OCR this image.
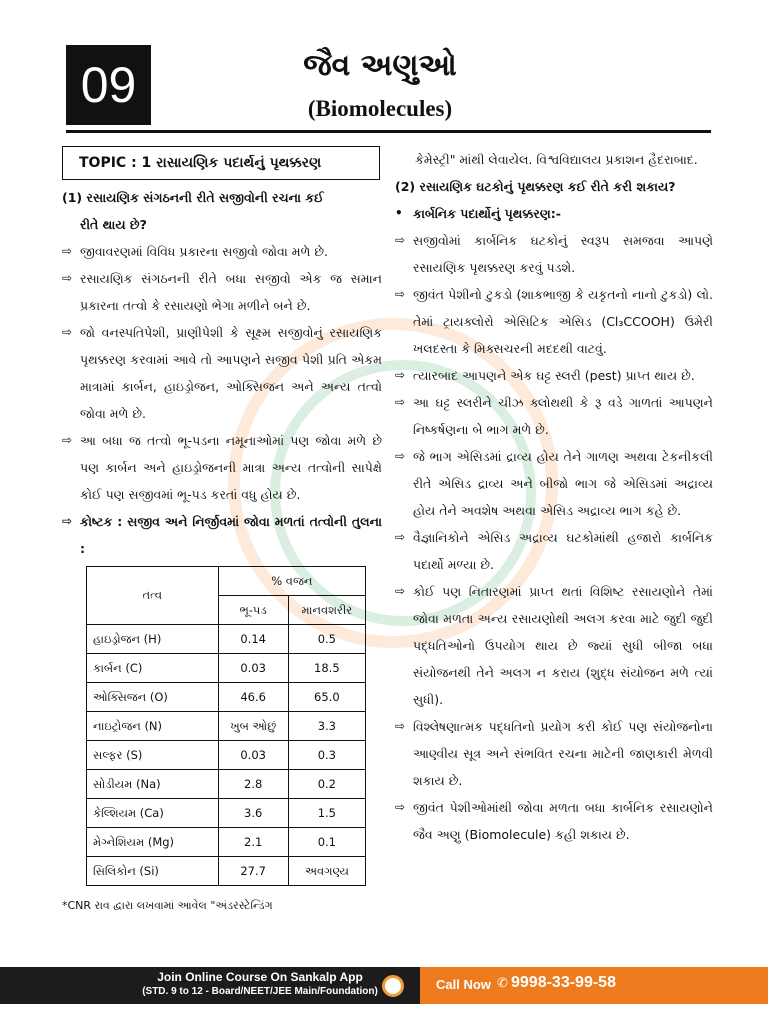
09	જૈવ અણુઓ
(Biomolecules)
TOPIC : 1 રાસાયણિક પદાર્થનું પૃથક્કરણ
(1) રસાયણિક સંગઠનની રીતે સજીવોની રચના કઈ
રીતે થાય છે?
⇨ જીવાવરણમાં વિવિધ પ્રકારના સજીવો જોવા મળે છે.
⇨ રસાયણિક સંગઠનની રીતે બધા સજીવો એક જ સમાન પ્રકારના તત્વો કે રસાયણો ભેગા મળીને બને છે.
⇨ જો વનસ્પતિપેશી, પ્રાણીપેશી કે સૂક્ષ્મ સજીવોનું રસાયણિક પૃથક્કરણ કરવામાં આવે તો આપણને સજીવ પેશી પ્રતિ એકમ માત્રામાં કાર્બન, હાઇડ્રોજન, ઓક્સિજન અને અન્ય તત્વો જોવા મળે છે.
⇨ આ બધા જ તત્વો ભૂ-પડના નમૂનાઓમાં પણ જોવા મળે છે પણ કાર્બન અને હાઇડ્રોજનની માત્રા અન્ય તત્વોની સાપેક્ષે કોઈ પણ સજીવમાં ભૂ-પડ કરતાં વધુ હોય છે.
⇨ કોષ્ટક : સજીવ અને નિર્જીવમાં જોવા મળતાં તત્વોની તુલના :
તત્વ	% વજન	
	ભૂ-પડ	માનવશરીર
હાઇડ્રોજન (H)	0.14	0.5
કાર્બન (C)	0.03	18.5
ઓક્સિજન (O)	46.6	65.0
નાઇટ્રોજન (N)	ખુબ ઓછું	3.3
સલ્ફર (S)	0.03	0.3
સોડીયમ (Na)	2.8	0.2
કેલ્શિયમ (Ca)	3.6	1.5
મેગ્નેશિયમ (Mg)	2.1	0.1
સિલિકોન (Si)	27.7	અવગણ્ય
*CNR રાવ દ્વારા લખવામાં આવેલ "અંડરસ્ટેન્ડિંગ
કેમેસ્ટ્રી" માંથી લેવાયેલ. વિશ્વવિદ્યાલય પ્રકાશન હૈદરાબાદ.
(2) રસાયણિક ઘટકોનું પૃથક્કરણ કઈ રીતે કરી શકાય?
• કાર્બનિક પદાર્થોનું પૃથક્કરણ:-
⇨ સજીવોમાં કાર્બનિક ઘટકોનું સ્વરૂપ સમજવા આપણે રસાયણિક પૃથક્કરણ કરવું પડશે.
⇨ જીવંત પેશીનો ટુકડો (શાકભાજી કે યકૃતનો નાનો ટુકડો) લો. તેમાં ટ્રાયક્લોરો એસિટિક એસિડ (Cl₃CCOOH) ઉમેરી ખલદસ્તા કે મિક્સચરની મદદથી વાટવું.
⇨ ત્યારબાદ આપણને એક ઘટ્ટ સ્લરી (pest) પ્રાપ્ત થાય છે.
⇨ આ ઘટ્ટ સ્લરીને ચીઝ ક્લોથથી કે રૂ વડે ગાળતાં આપણને નિષ્કર્ષણના બે ભાગ મળે છે.
⇨ જે ભાગ એસિડમાં દ્રાવ્ય હોય તેને ગાળણ અથવા ટેકનીકલી રીતે એસિડ દ્રાવ્ય અને બીજો ભાગ જે એસિડમાં અદ્રાવ્ય હોય તેને અવશેષ અથવા એસિડ અદ્રાવ્ય ભાગ કહે છે.
⇨ વૈજ્ઞાનિકોને એસિડ અદ્રાવ્ય ઘટકોમાંથી હજારો કાર્બનિક પદાર્થો મળ્યા છે.
⇨ કોઈ પણ નિતારણમાં પ્રાપ્ત થતાં વિશિષ્ટ રસાયણોને તેમાં જોવા મળતા અન્ય રસાયણોથી અલગ કરવા માટે જુદી જુદી પદ્ધતિઓનો ઉપયોગ થાય છે જ્યાં સુધી બીજા બધા સંયોજનથી તેને અલગ ન કરાય (શુદ્ધ સંયોજન મળે ત્યાં સુધી).
⇨ વિશ્લેષણાત્મક પદ્ધતિનો પ્રયોગ કરી કોઈ પણ સંયોજનોના આણ્વીય સૂત્ર અને સંભવિત રચના માટેની જાણકારી મેળવી શકાય છે.
⇨ જીવંત પેશીઓમાંથી જોવા મળતા બધા કાર્બનિક રસાયણોને જૈવ અણુ (Biomolecule) કહી શકાય છે.
Join Online Course On Sankalp App
(STD. 9 to 12 - Board/NEET/JEE Main/Foundation)	Call Now ✆ 9998-33-99-58
